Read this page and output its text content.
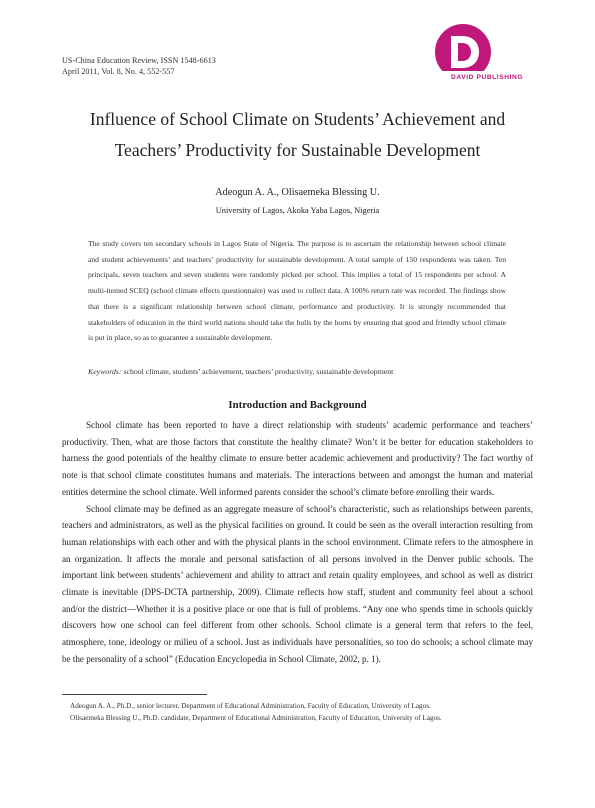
US-China Education Review, ISSN 1548-6613
April 2011, Vol. 8, No. 4, 552-557
DAVID PUBLISHING
Influence of School Climate on Students’ Achievement and
Teachers’ Productivity for Sustainable Development
Adeogun A. A., Olisaemeka Blessing U.
University of Lagos, Akoka Yaba Lagos, Nigeria
The study covers ten secondary schools in Lagos State of Nigeria. The purpose is to ascertain the relationship between school climate and student achievements’ and teachers’ productivity for sustainable development. A total sample of 150 respondents was taken. Ten principals, seven teachers and seven students were randomly picked per school. This implies a total of 15 respondents per school. A multi-itemed SCEQ (school climate effects questionnaire) was used to collect data. A 100% return rate was recorded. The findings show that there is a significant relationship between school climate, performance and productivity. It is strongly recommended that stakeholders of education in the third world nations should take the bulls by the horns by ensuring that good and friendly school climate is put in place, so as to guarantee a sustainable development.
Keywords: school climate, students’ achievement, teachers’ productivity, sustainable development
Introduction and Background

School climate has been reported to have a direct relationship with students’ academic performance and teachers’ productivity. Then, what are those factors that constitute the healthy climate? Won’t it be better for education stakeholders to harness the good potentials of the healthy climate to ensure better academic achievement and productivity? The fact worthy of note is that school climate constitutes humans and materials. The interactions between and amongst the human and material entities determine the school climate. Well informed parents consider the school’s climate before enrolling their wards.

School climate may be defined as an aggregate measure of school’s characteristic, such as relationships between parents, teachers and administrators, as well as the physical facilities on ground. It could be seen as the overall interaction resulting from human relationships with each other and with the physical plants in the school environment. Climate refers to the atmosphere in an organization. It affects the morale and personal satisfaction of all persons involved in the Denver public schools. The important link between students’ achievement and ability to attract and retain quality employees, and school as well as district climate is inevitable (DPS-DCTA partnership, 2009). Climate reflects how staff, student and community feel about a school and/or the district—Whether it is a positive place or one that is full of problems. “Any one who spends time in schools quickly discovers how one school can feel different from other schools. School climate is a general term that refers to the feel, atmosphere, tone, ideology or milieu of a school. Just as individuals have personalities, so too do schools; a school climate may be the personality of a school” (Education Encyclopedia in School Climate, 2002, p. 1).

Adeogun A. A., Ph.D., senior lecturer, Department of Educational Administration, Faculty of Education, University of Lagos.
Olisaemeka Blessing U., Ph.D. candidate, Department of Educational Administration, Faculty of Education, University of Lagos.
